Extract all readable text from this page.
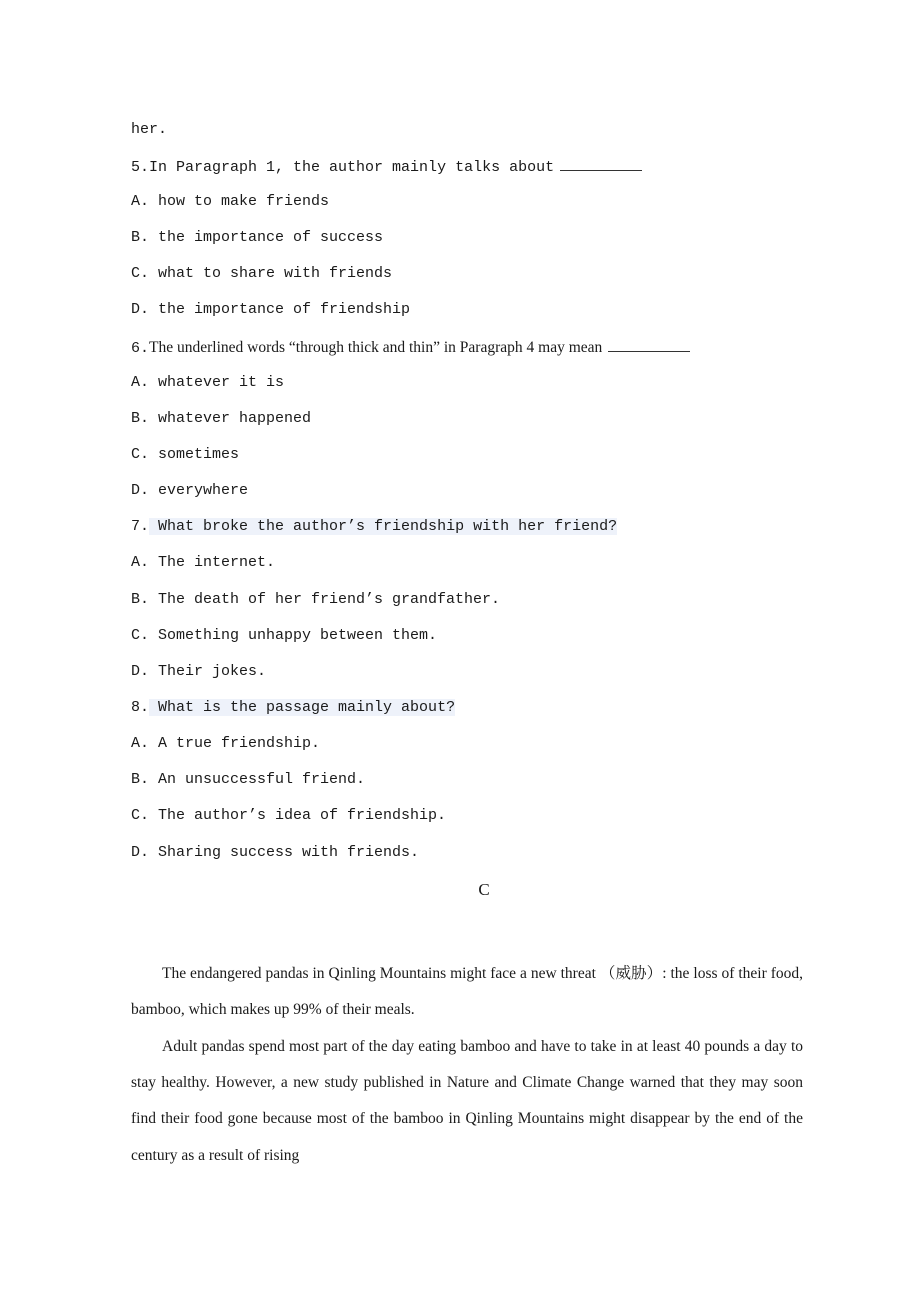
her.
5.In Paragraph 1, the author mainly talks about
A. how to make friends
B. the importance of success
C. what to share with friends
D. the importance of friendship
6.The underlined words “through thick and thin” in Paragraph 4 may mean
A. whatever it is
B. whatever happened
C. sometimes
D. everywhere
7. What broke the author’s friendship with her friend?
A. The internet.
B. The death of her friend’s grandfather.
C. Something unhappy between them.
D. Their jokes.
8. What is the passage mainly about?
A. A true friendship.
B. An unsuccessful friend.
C. The author’s idea of friendship.
D. Sharing success with friends.
C
The endangered pandas in Qinling Mountains might face a new threat （威胁）: the loss of their food, bamboo, which makes up 99% of their meals.
Adult pandas spend most part of the day eating bamboo and have to take in at least 40 pounds a day to stay healthy. However, a new study published in Nature and Climate Change warned that they may soon find their food gone because most of the bamboo in Qinling Mountains might disappear by the end of the century as a result of rising
